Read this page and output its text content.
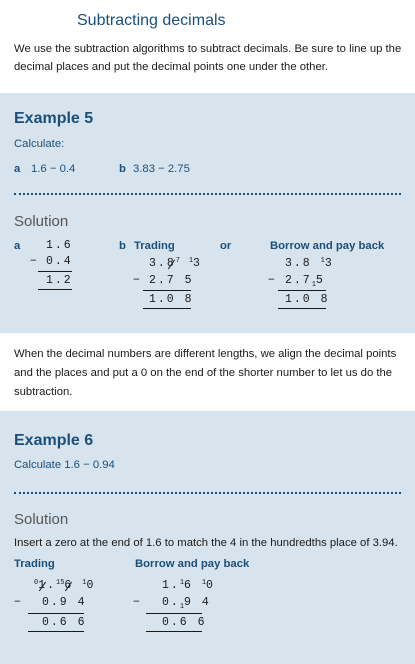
Subtracting decimals
We use the subtraction algorithms to subtract decimals. Be sure to line up the decimal places and put the decimal points one under the other.
Example 5
Calculate:
a 1.6 − 0.4	b 3.83 − 2.75
Solution
a 1.6
− 0.4
1.2
b Trading	or	Borrow and pay back
$3.8^7$ $^1$3
− 2.7 5
1.0 8
3.8 $^1$3
− $2.7_15$
1.0 8
When the decimal numbers are different lengths, we align the decimal points and the places and put a 0 on the end of the shorter number to let us do the subtraction.
Example 6
Calculate 1.6 − 0.94
Solution
Insert a zero at the end of 1.6 to match the 4 in the hundredths place of 3.94.
Trading	Borrow and pay back
$^0$1.156 $^1$0
− 0.9 4
0.6 6
1.$^1$6 $^1$0
− $0._19$ 4
0.6 6
